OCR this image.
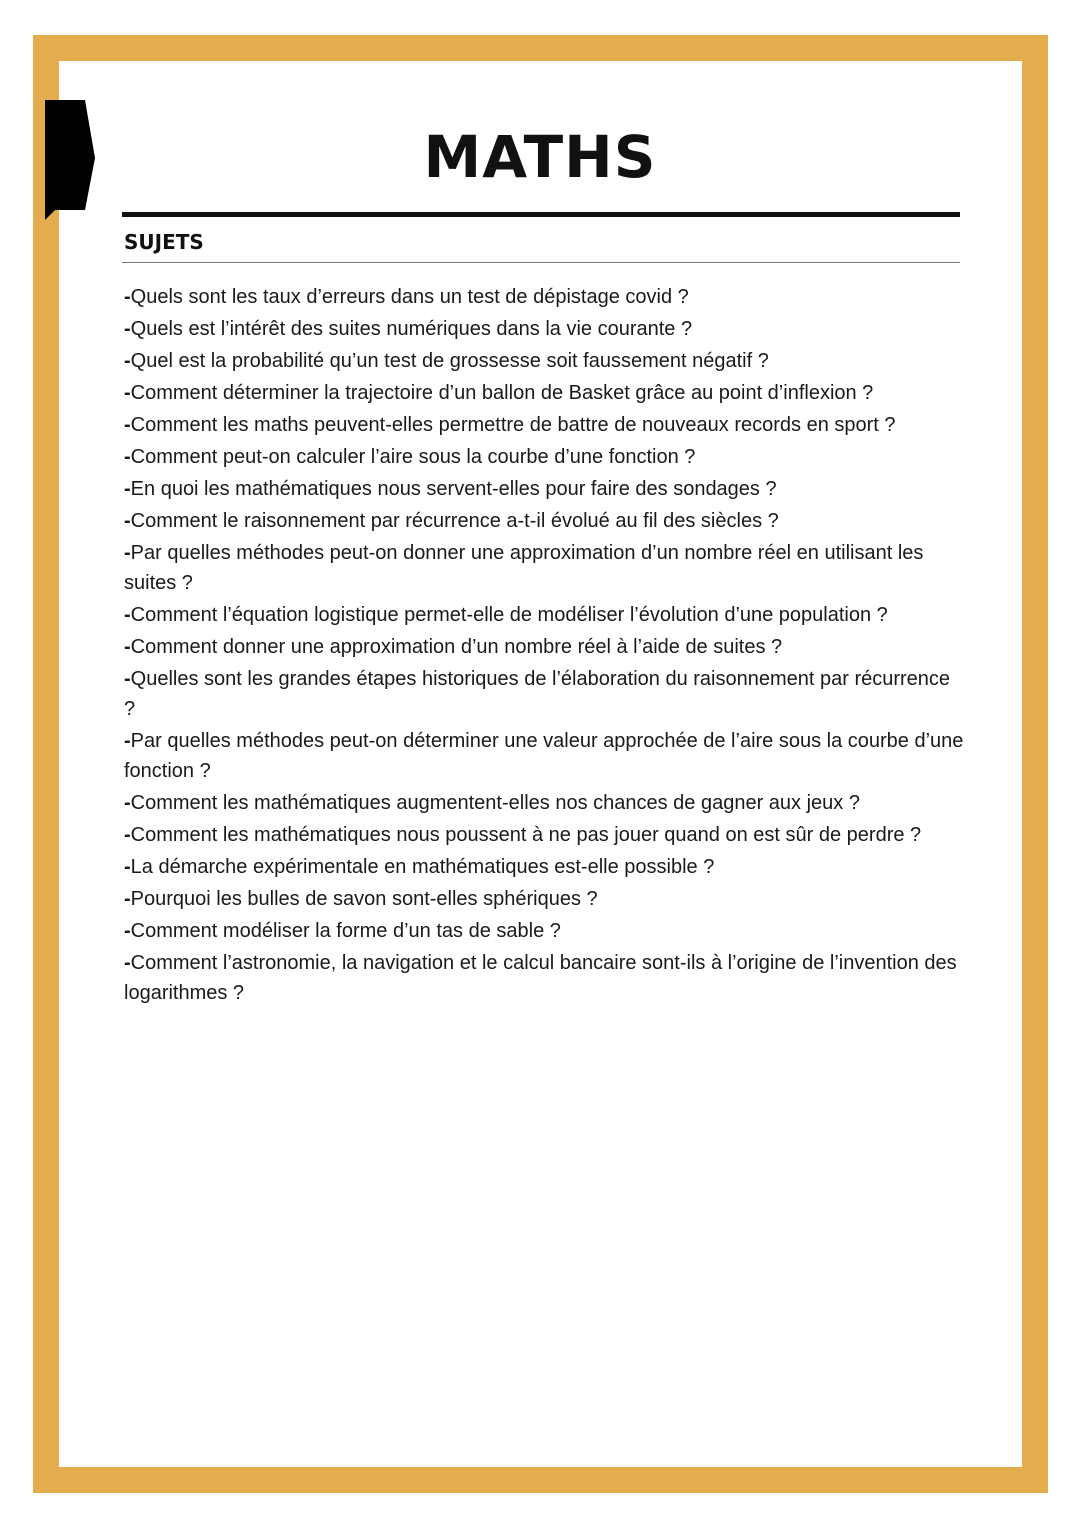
MATHS
SUJETS
-Quels sont les taux d’erreurs dans un test de dépistage covid ?
-Quels est l’intérêt des suites numériques dans la vie courante ?
-Quel est la probabilité qu’un test de grossesse soit faussement négatif ?
-Comment déterminer la trajectoire d’un ballon de Basket grâce au point d’inflexion ?
-Comment les maths peuvent-elles permettre de battre de nouveaux records en sport ?
-Comment peut-on calculer l’aire sous la courbe d’une fonction ?
-En quoi les mathématiques nous servent-elles pour faire des sondages ?
-Comment le raisonnement par récurrence a-t-il évolué au fil des siècles ?
-Par quelles méthodes peut-on donner une approximation d’un nombre réel en utilisant les suites ?
-Comment l’équation logistique permet-elle de modéliser l’évolution d’une population ?
-Comment donner une approximation d’un nombre réel à l’aide de suites ?
-Quelles sont les grandes étapes historiques de l’élaboration du raisonnement par récurrence ?
-Par quelles méthodes peut-on déterminer une valeur approchée de l’aire sous la courbe d’une fonction ?
-Comment les mathématiques augmentent-elles nos chances de gagner aux jeux ?
-Comment les mathématiques nous poussent à ne pas jouer quand on est sûr de perdre ?
-La démarche expérimentale en mathématiques est-elle possible ?
-Pourquoi les bulles de savon sont-elles sphériques ?
-Comment modéliser la forme d’un tas de sable ?
-Comment l’astronomie, la navigation et le calcul bancaire sont-ils à l’origine de l’invention des logarithmes ?
